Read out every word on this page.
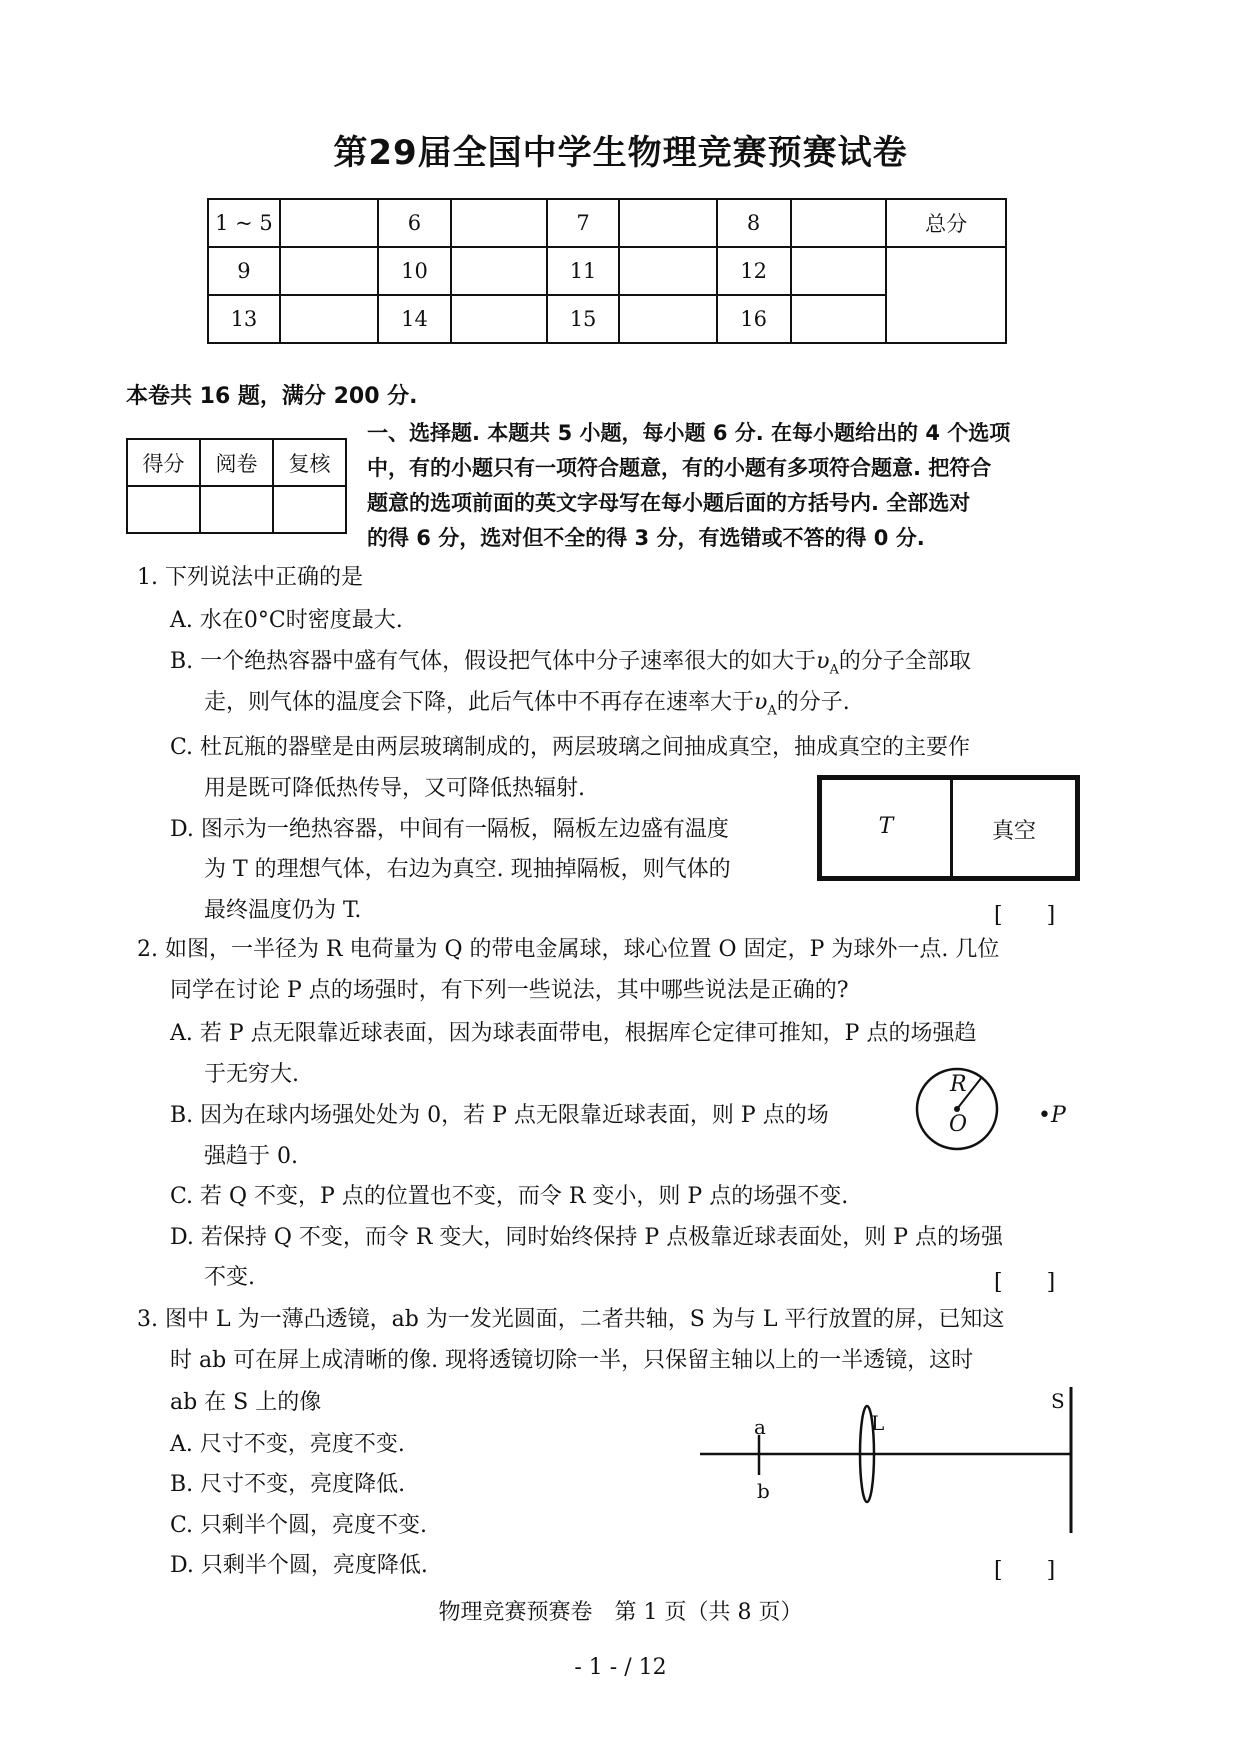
第29届全国中学生物理竞赛预赛试卷
1 ~ 5		6		7		8		总分
9		10		11		12		
13		14		15		16		
本卷共 16 题，满分 200 分.
得分	阅卷	复核

一、选择题. 本题共 5 小题，每小题 6 分. 在每小题给出的 4 个选项
中，有的小题只有一项符合题意，有的小题有多项符合题意. 把符合
题意的选项前面的英文字母写在每小题后面的方括号内. 全部选对
的得 6 分，选对但不全的得 3 分，有选错或不答的得 0 分.
1. 下列说法中正确的是
A. 水在0°C时密度最大.
B. 一个绝热容器中盛有气体，假设把气体中分子速率很大的如大于$\upsilon_A$的分子全部取
走，则气体的温度会下降，此后气体中不再存在速率大于$\upsilon_A$的分子.
C. 杜瓦瓶的器壁是由两层玻璃制成的，两层玻璃之间抽成真空，抽成真空的主要作
用是既可降低热传导，又可降低热辐射.
D. 图示为一绝热容器，中间有一隔板，隔板左边盛有温度
为 T 的理想气体，右边为真空. 现抽掉隔板，则气体的
最终温度仍为 T.
T	真空
[　　]
2. 如图，一半径为 R 电荷量为 Q 的带电金属球，球心位置 O 固定，P 为球外一点. 几位
同学在讨论 P 点的场强时，有下列一些说法，其中哪些说法是正确的?
A. 若 P 点无限靠近球表面，因为球表面带电，根据库仑定律可推知，P 点的场强趋
于无穷大.
B. 因为在球内场强处处为 0，若 P 点无限靠近球表面，则 P 点的场
强趋于 0.
C. 若 Q 不变，P 点的位置也不变，而令 R 变小，则 P 点的场强不变.
D. 若保持 Q 不变，而令 R 变大，同时始终保持 P 点极靠近球表面处，则 P 点的场强
不变.
R
O	•P
[　　]
3. 图中 L 为一薄凸透镜，ab 为一发光圆面，二者共轴，S 为与 L 平行放置的屏，已知这
时 ab 可在屏上成清晰的像. 现将透镜切除一半，只保留主轴以上的一半透镜，这时
ab 在 S 上的像
A. 尺寸不变，亮度不变.
B. 尺寸不变，亮度降低.
C. 只剩半个圆，亮度不变.
D. 只剩半个圆，亮度降低.
a
b
L
S
[　　]
物理竞赛预赛卷　第 1 页（共 8 页）
- 1 - / 12
